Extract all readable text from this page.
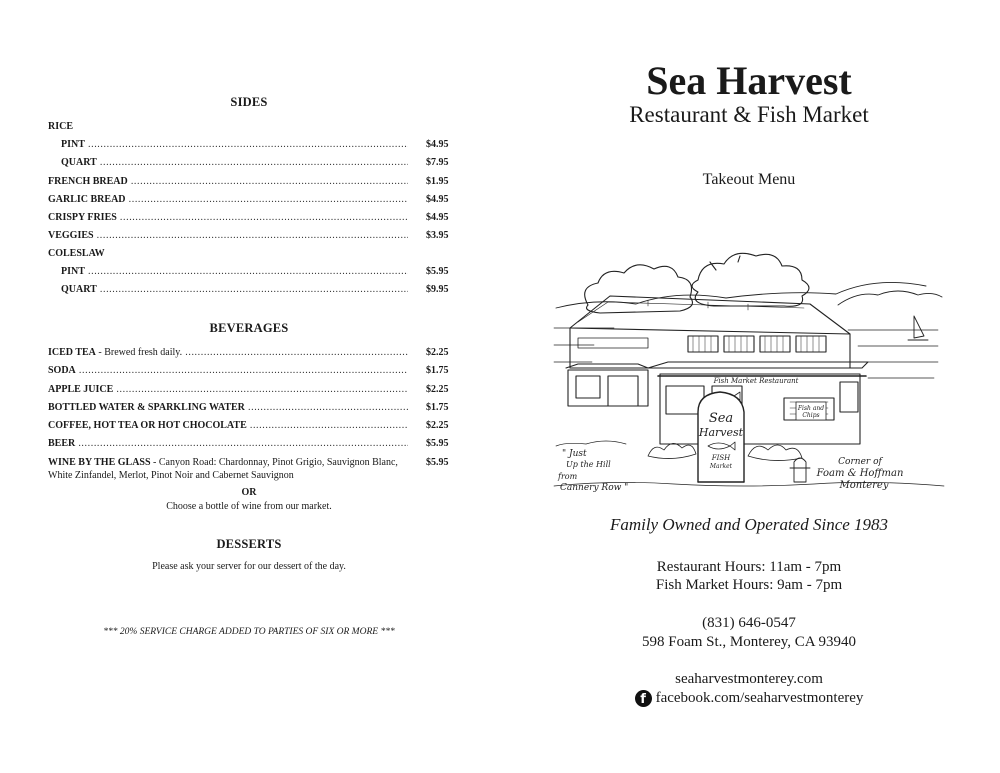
SIDES
RICE
PINT .....	$4.95
QUART .....	$7.95
FRENCH BREAD .....	$1.95
GARLIC BREAD .....	$4.95
CRISPY FRIES .....	$4.95
VEGGIES .....	$3.95
COLESLAW
PINT .....	$5.95
QUART .....	$9.95
BEVERAGES
ICED TEA - Brewed fresh daily. .....	$2.25
SODA .....	$1.75
APPLE JUICE .....	$2.25
BOTTLED WATER & SPARKLING WATER .....	$1.75
COFFEE, HOT TEA OR HOT CHOCOLATE .....	$2.25
BEER .....	$5.95
WINE BY THE GLASS - Canyon Road: Chardonnay, Pinot Grigio, Sauvignon Blanc, White Zinfandel, Merlot, Pinot Noir and Cabernet Sauvignon
$5.95
OR
Choose a bottle of wine from our market.
DESSERTS
Please ask your server for our dessert of the day.
*** 20% SERVICE CHARGE ADDED TO PARTIES OF SIX OR MORE ***
Sea Harvest
Restaurant & Fish Market
Takeout Menu
Fish Market Restaurant
Fish and
Chips
Sea
Harvest
FISH
Market
" Just
Up the Hill
from
Cannery Row "
Corner of
Foam & Hoffman
Monterey
Family Owned and Operated Since 1983
Restaurant Hours: 11am - 7pm
Fish Market Hours: 9am - 7pm
(831) 646-0547
598 Foam St., Monterey, CA 93940
seaharvestmonterey.com
f facebook.com/seaharvestmonterey
